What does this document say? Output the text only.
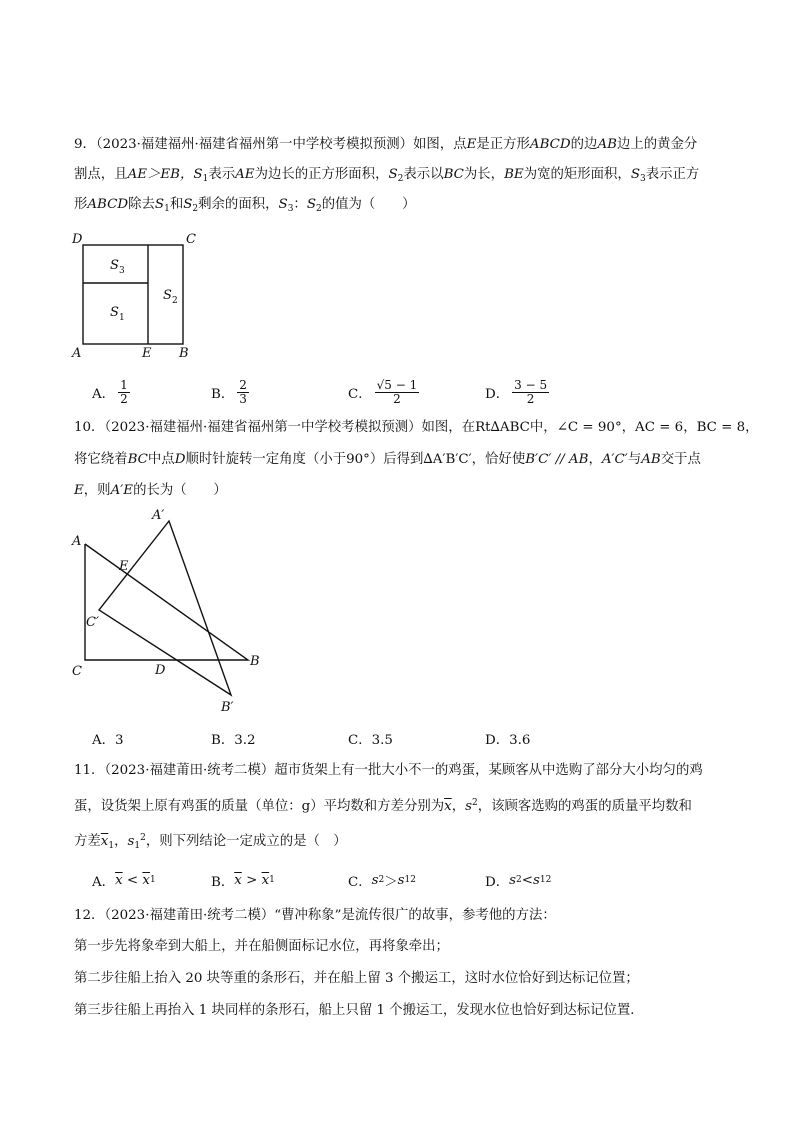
9．（2023·福建福州·福建省福州第一中学校考模拟预测）如图，点E是正方形ABCD的边AB边上的黄金分
割点，且AE＞EB，$S_1$表示AE为边长的正方形面积，$S_2$表示以BC为长，BE为宽的矩形面积，$S_3$表示正方
形ABCD除去$S_1$和$S_2$剩余的面积，$S_3$：$S_2$的值为（　　）
D	C
A	E B
S 3
S 1
S 2
A． $\frac{1}{2}$	B． $\frac{2}{3}$	C． $\frac{√5 - 1}{2}$	D． $\frac{3 - 5}{2}$
10．（2023·福建福州·福建省福州第一中学校考模拟预测）如图，在Rt∆ABC中，∠C = 90°，AC = 6，BC = 8，
将它绕着BC中点D顺时针旋转一定角度（小于90°）后得到∆A′B′C′，恰好使B′C′ // AB，A′C′与AB交于点
E，则A′E的长为（　　）
A
A′
E
C′
C	D
B
B′
A．3	B．3.2	C．3.5	D．3.6
11．（2023·福建莆田·统考二模）超市货架上有一批大小不一的鸡蛋，某顾客从中选购了部分大小均匀的鸡
蛋，设货架上原有鸡蛋的质量（单位：g）平均数和方差分别为$\overline{x}$，$s^2$，该顾客选购的鸡蛋的质量平均数和
方差$\overline{x}_1$，$s_1^2$，则下列结论一定成立的是（　）
A． $\overline{x}$
<
$\overline{x}$ 1	B． $\overline{x}$
>
$\overline{x}$ 1	C． s 2 ＞ s 1 2	D． s 2 < s 1 2
12．（2023·福建莆田·统考二模）“曹冲称象”是流传很广的故事，参考他的方法：
第一步先将象牵到大船上，并在船侧面标记水位，再将象牵出；
第二步往船上抬入 20 块等重的条形石，并在船上留 3 个搬运工，这时水位恰好到达标记位置；
第三步往船上再抬入 1 块同样的条形石，船上只留 1 个搬运工，发现水位也恰好到达标记位置．
